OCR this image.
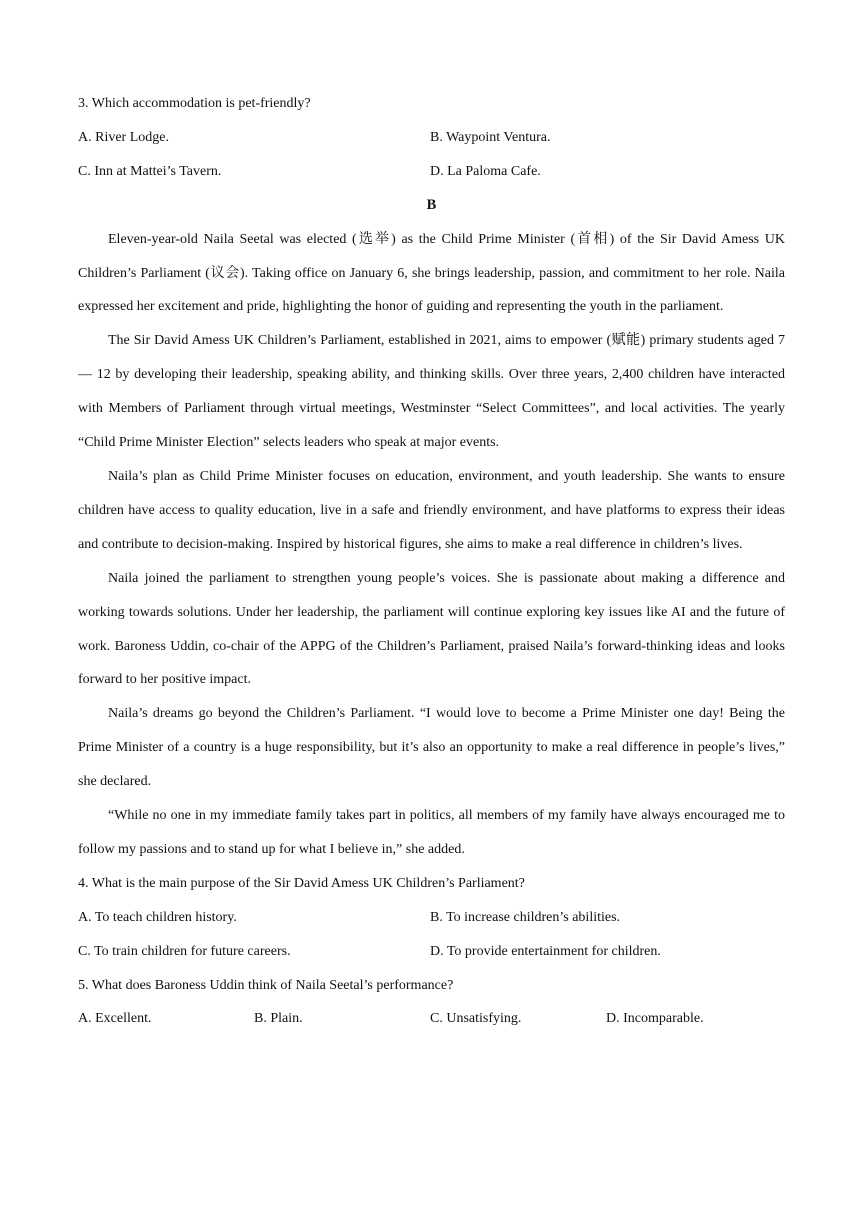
3. Which accommodation is pet-friendly?

A. River Lodge.	B. Waypoint Ventura.
C. Inn at Mattei’s Tavern.	D. La Paloma Cafe.

B

Eleven-year-old Naila Seetal was elected (选举) as the Child Prime Minister (首相) of the Sir David Amess UK Children’s Parliament (议会). Taking office on January 6, she brings leadership, passion, and commitment to her role. Naila expressed her excitement and pride, highlighting the honor of guiding and representing the youth in the parliament.

The Sir David Amess UK Children’s Parliament, established in 2021, aims to empower (赋能) primary students aged 7 — 12 by developing their leadership, speaking ability, and thinking skills. Over three years, 2,400 children have interacted with Members of Parliament through virtual meetings, Westminster “Select Committees”, and local activities. The yearly “Child Prime Minister Election” selects leaders who speak at major events.

Naila’s plan as Child Prime Minister focuses on education, environment, and youth leadership. She wants to ensure children have access to quality education, live in a safe and friendly environment, and have platforms to express their ideas and contribute to decision-making. Inspired by historical figures, she aims to make a real difference in children’s lives.

Naila joined the parliament to strengthen young people’s voices. She is passionate about making a difference and working towards solutions. Under her leadership, the parliament will continue exploring key issues like AI and the future of work. Baroness Uddin, co-chair of the APPG of the Children’s Parliament, praised Naila’s forward-thinking ideas and looks forward to her positive impact.

Naila’s dreams go beyond the Children’s Parliament. “I would love to become a Prime Minister one day! Being the Prime Minister of a country is a huge responsibility, but it’s also an opportunity to make a real difference in people’s lives,” she declared.

“While no one in my immediate family takes part in politics, all members of my family have always encouraged me to follow my passions and to stand up for what I believe in,” she added.

4. What is the main purpose of the Sir David Amess UK Children’s Parliament?

A. To teach children history.	B. To increase children’s abilities.
C. To train children for future careers.	D. To provide entertainment for children.

5. What does Baroness Uddin think of Naila Seetal’s performance?

A. Excellent.	B. Plain.	C. Unsatisfying.	D. Incomparable.
